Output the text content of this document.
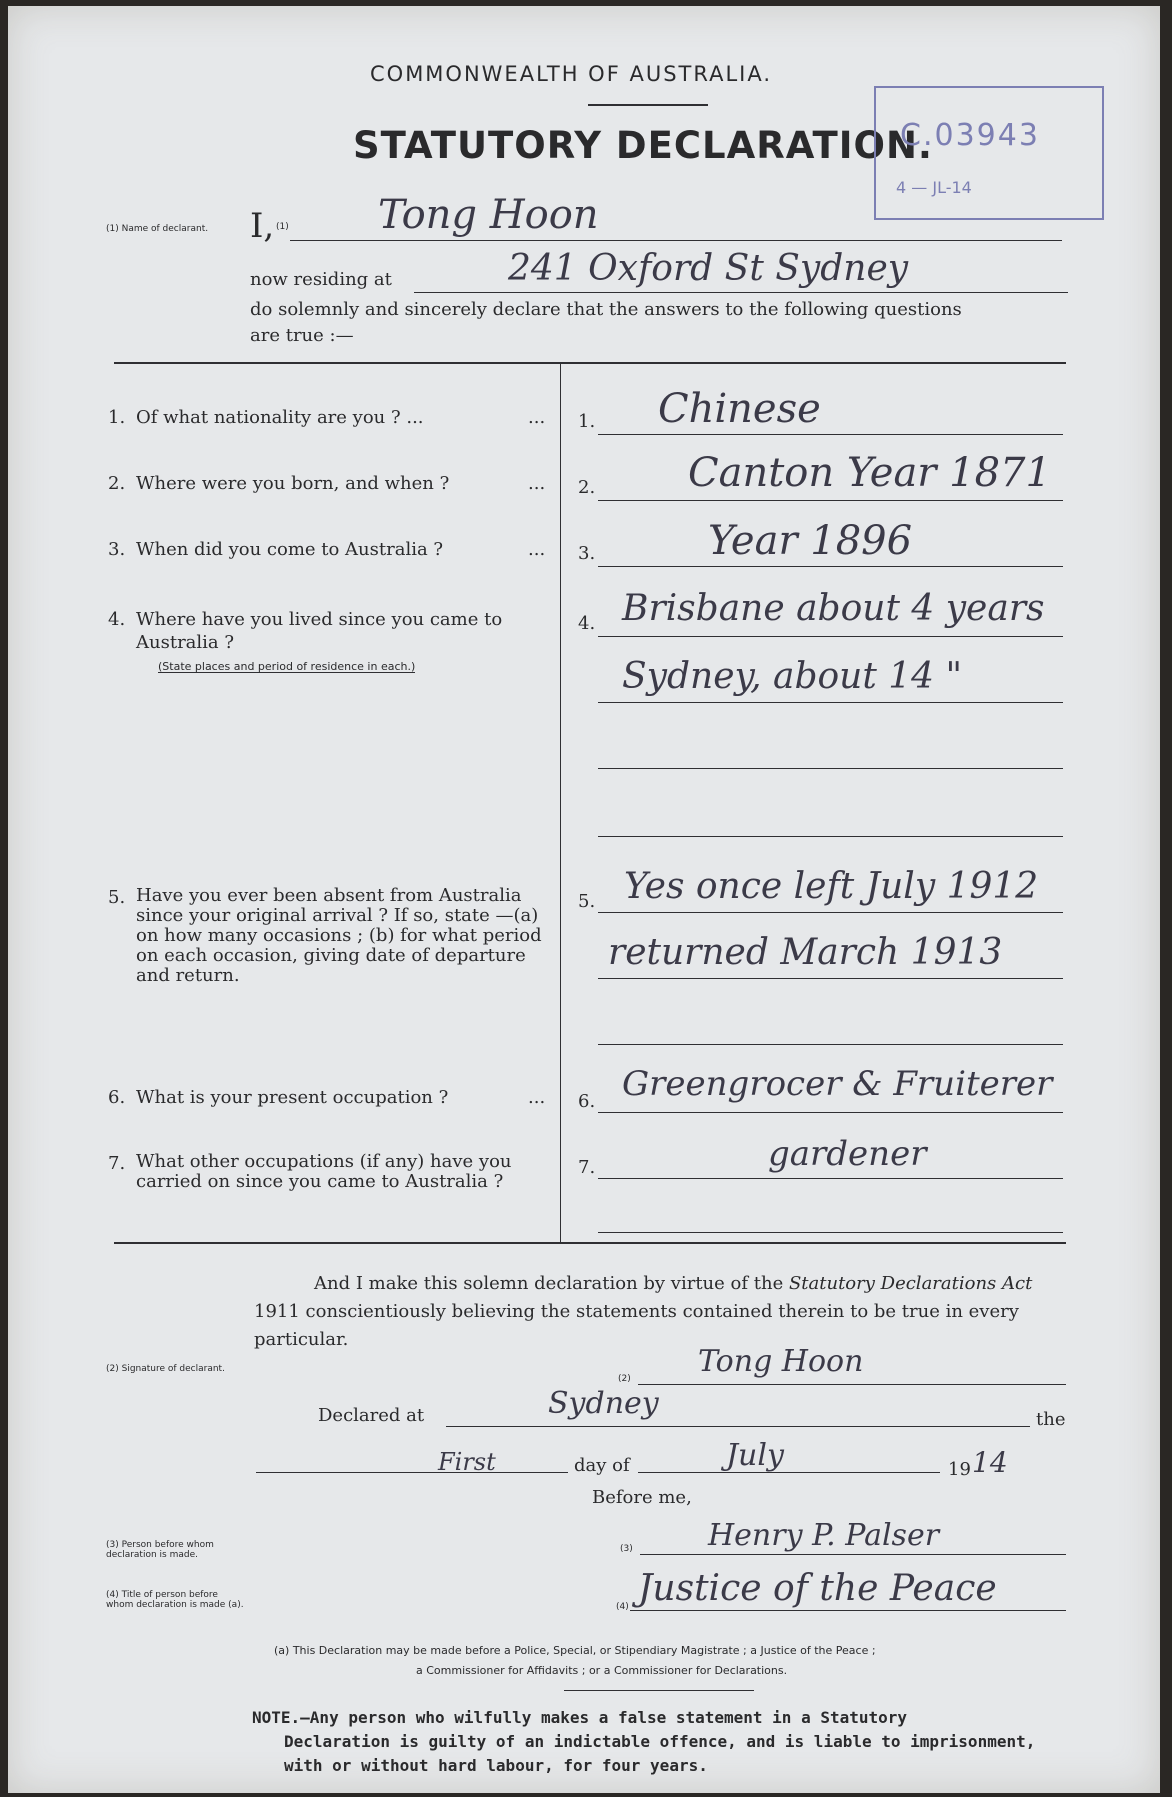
COMMONWEALTH OF AUSTRALIA.
STATUTORY DECLARATION.
C.03943
4 — JL-14
(1) Name of declarant.	I, (1) Tong Hoon
now residing at	241 Oxford St Sydney
do solemnly and sincerely declare that the answers to the following questions
are true :—
1. Of what nationality are you ? ...	... 1. Chinese
2. Where were you born, and when ?	... 2. Canton Year 1871
3. When did you come to Australia ?	... 3.	Year 1896
4. Where have you lived since you came to Australia ?
(State places and period of residence in each.)
4. Brisbane about 4 years
Sydney, about 14 "
5. Have you ever been absent from Australia since your original arrival ? If so, state —(a) on how many occasions ; (b) for what period on each occasion, giving date of departure and return.
5. Yes once left July 1912
returned March 1913
6. What is your present occupation ?	... 6. Greengrocer & Fruiterer
7. What other occupations (if any) have you carried on since you came to Australia ?
7.	gardener
And I make this solemn declaration by virtue of the Statutory Declarations Act 1911 conscientiously believing the statements contained therein to be true in every particular.
(2) Signature of declarant.
(2) Tong Hoon
Declared at	Sydney	the
First	day of	July	19 14
Before me,
(3) Person before whom declaration is made.
(3)	Henry P. Palser
(4) Title of person before whom declaration is made (a).	(4) Justice of the Peace
(a) This Declaration may be made before a Police, Special, or Stipendiary Magistrate ; a Justice of the Peace ;
a Commissioner for Affidavits ; or a Commissioner for Declarations.
NOTE.—Any person who wilfully makes a false statement in a Statutory
Declaration is guilty of an indictable offence, and is liable to imprisonment,
with or without hard labour, for four years.
